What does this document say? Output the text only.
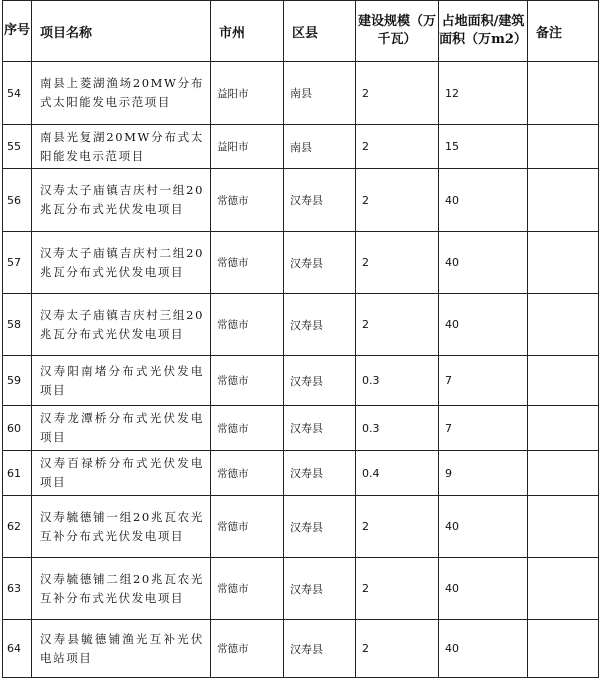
序号	项目名称	市州	区县	建设规模（万千瓦）	占地面积/建筑面积（万m2）	备注
54	南县上菱湖渔场20MW分布式太阳能发电示范项目	益阳市	南县	2	12	
55	南县光复湖20MW分布式太阳能发电示范项目	益阳市	南县	2	15	
56	汉寿太子庙镇吉庆村一组20兆瓦分布式光伏发电项目	常德市	汉寿县	2	40	
57	汉寿太子庙镇吉庆村二组20兆瓦分布式光伏发电项目	常德市	汉寿县	2	40	
58	汉寿太子庙镇吉庆村三组20兆瓦分布式光伏发电项目	常德市	汉寿县	2	40	
59	汉寿阳南堵分布式光伏发电项目	常德市	汉寿县	0.3	7	
60	汉寿龙潭桥分布式光伏发电项目	常德市	汉寿县	0.3	7	
61	汉寿百禄桥分布式光伏发电项目	常德市	汉寿县	0.4	9	
62	汉寿毓德铺一组20兆瓦农光互补分布式光伏发电项目	常德市	汉寿县	2	40	
63	汉寿毓德铺二组20兆瓦农光互补分布式光伏发电项目	常德市	汉寿县	2	40	
64	汉寿县毓德铺渔光互补光伏电站项目	常德市	汉寿县	2	40	
